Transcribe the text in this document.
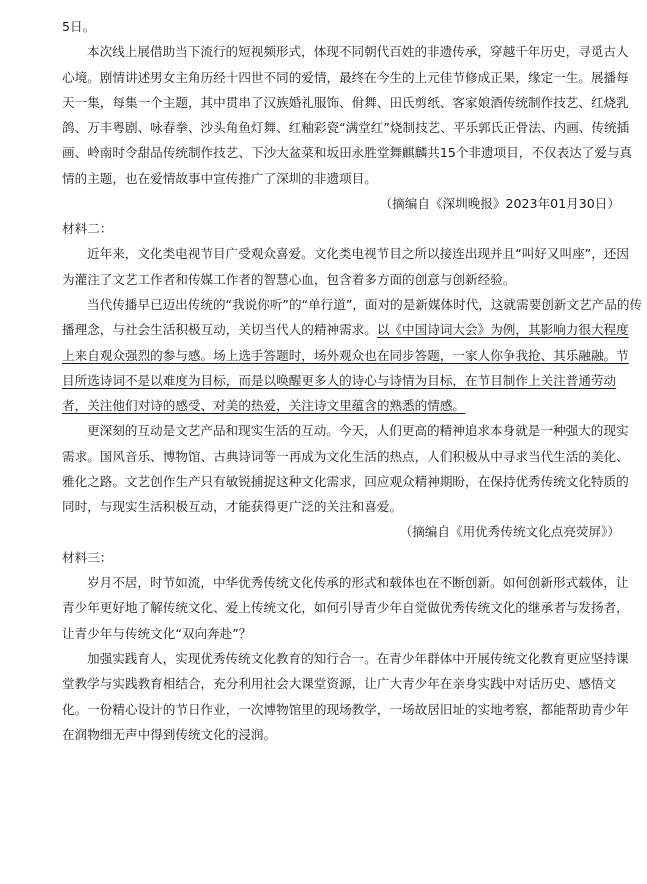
5日。
本次线上展借助当下流行的短视频形式，体现不同朝代百姓的非遗传承，穿越千年历史，寻觅古人
心境。剧情讲述男女主角历经十四世不同的爱情，最终在今生的上元佳节修成正果，缘定一生。展播每
天一集，每集一个主题，其中贯串了汉族婚礼服饰、佾舞、田氏剪纸、客家娘酒传统制作技艺、红烧乳
鸽、万丰粤剧、咏春拳、沙头角鱼灯舞、红釉彩瓷“满堂红”烧制技艺、平乐郭氏正骨法、内画、传统插
画、岭南时令甜品传统制作技艺、下沙大盆菜和坂田永胜堂舞麒麟共15个非遗项目，不仅表达了爱与真
情的主题，也在爱情故事中宣传推广了深圳的非遗项目。
（摘编自《深圳晚报》2023年01月30日）
材料二：
近年来，文化类电视节目广受观众喜爱。文化类电视节目之所以接连出现并且“叫好又叫座”，还因
为灌注了文艺工作者和传媒工作者的智慧心血，包含着多方面的创意与创新经验。
当代传播早已迈出传统的“我说你听”的“单行道”，面对的是新媒体时代，这就需要创新文艺产品的传
播理念，与社会生活积极互动，关切当代人的精神需求。以《中国诗词大会》为例，其影响力很大程度
上来自观众强烈的参与感。场上选手答题时，场外观众也在同步答题，一家人你争我抢、其乐融融。节
目所选诗词不是以难度为目标，而是以唤醒更多人的诗心与诗情为目标，在节目制作上关注普通劳动
者，关注他们对诗的感受、对美的热爱，关注诗文里蕴含的熟悉的情感。
更深刻的互动是文艺产品和现实生活的互动。今天，人们更高的精神追求本身就是一种强大的现实
需求。国风音乐、博物馆、古典诗词等一再成为文化生活的热点，人们积极从中寻求当代生活的美化、
雅化之路。文艺创作生产只有敏锐捕捉这种文化需求，回应观众精神期盼，在保持优秀传统文化特质的
同时，与现实生活积极互动，才能获得更广泛的关注和喜爱。
（摘编自《用优秀传统文化点亮荧屏》）
材料三：
岁月不居，时节如流，中华优秀传统文化传承的形式和载体也在不断创新。如何创新形式载体，让
青少年更好地了解传统文化、爱上传统文化，如何引导青少年自觉做优秀传统文化的继承者与发扬者，
让青少年与传统文化“双向奔赴”？
加强实践育人，实现优秀传统文化教育的知行合一。在青少年群体中开展传统文化教育更应坚持课
堂教学与实践教育相结合，充分利用社会大课堂资源，让广大青少年在亲身实践中对话历史、感悟文
化。一份精心设计的节日作业，一次博物馆里的现场教学，一场故居旧址的实地考察，都能帮助青少年
在润物细无声中得到传统文化的浸润。
